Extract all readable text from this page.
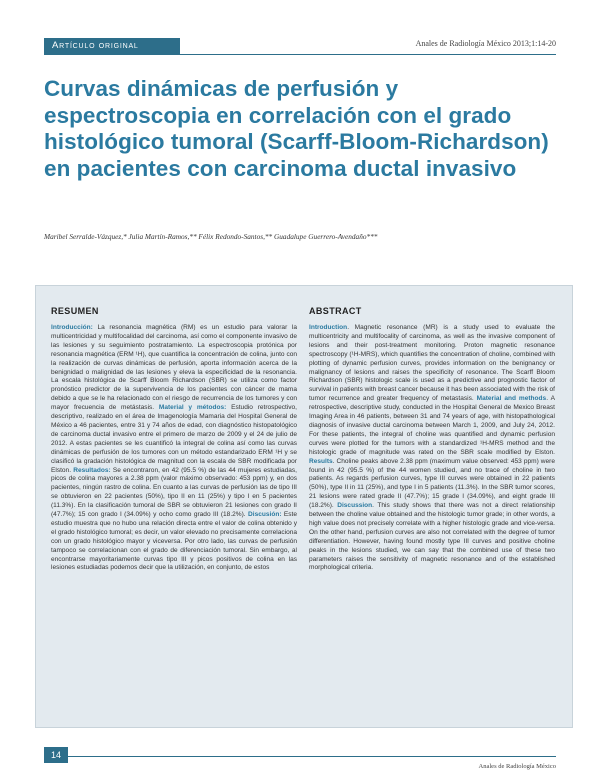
Artículo original	Anales de Radiología México 2013;1:14-20
Curvas dinámicas de perfusión y espectroscopia en correlación con el grado histológico tumoral (Scarff-Bloom-Richardson) en pacientes con carcinoma ductal invasivo
Maribel Serralde-Vázquez,* Julia Martín-Ramos,** Félix Redondo-Santos,** Guadalupe Guerrero-Avendaño***
RESUMEN

Introducción: La resonancia magnética (RM) es un estudio para valorar la multicentricidad y multifocalidad del carcinoma, así como el componente invasivo de las lesiones y su seguimiento postratamiento. La espectroscopia protónica por resonancia magnética (ERM ¹H), que cuantifica la concentración de colina, junto con la realización de curvas dinámicas de perfusión, aporta información acerca de la benignidad o malignidad de las lesiones y eleva la especificidad de la resonancia. La escala histológica de Scarff Bloom Richardson (SBR) se utiliza como factor pronóstico predictor de la supervivencia de los pacientes con cáncer de mama debido a que se le ha relacionado con el riesgo de recurrencia de los tumores y con mayor frecuencia de metástasis. Material y métodos: Estudio retrospectivo, descriptivo, realizado en el área de Imagenología Mamaria del Hospital General de México a 46 pacientes, entre 31 y 74 años de edad, con diagnóstico histopatológico de carcinoma ductal invasivo entre el primero de marzo de 2009 y el 24 de julio de 2012. A estas pacientes se les cuantificó la integral de colina así como las curvas dinámicas de perfusión de los tumores con un método estandarizado ERM ¹H y se clasificó la gradación histológica de magnitud con la escala de SBR modificada por Elston. Resultados: Se encontraron, en 42 (95.5 %) de las 44 mujeres estudiadas, picos de colina mayores a 2.38 ppm (valor máximo observado: 453 ppm) y, en dos pacientes, ningún rastro de colina. En cuanto a las curvas de perfusión las de tipo III se obtuvieron en 22 pacientes (50%), tipo II en 11 (25%) y tipo I en 5 pacientes (11.3%). En la clasificación tumoral de SBR se obtuvieron 21 lesiones con grado II (47.7%); 15 con grado I (34.09%) y ocho como grado III (18.2%). Discusión: Este estudio muestra que no hubo una relación directa entre el valor de colina obtenido y el grado histológico tumoral; es decir, un valor elevado no precisamente correlaciona con un grado histológico mayor y viceversa. Por otro lado, las curvas de perfusión tampoco se correlacionan con el grado de diferenciación tumoral. Sin embargo, al encontrarse mayoritariamente curvas tipo III y picos positivos de colina en las lesiones estudiadas podemos decir que la utilización, en conjunto, de estos

ABSTRACT

Introduction. Magnetic resonance (MR) is a study used to evaluate the multicentricity and multifocality of carcinoma, as well as the invasive component of lesions and their post-treatment monitoring. Proton magnetic resonance spectroscopy (¹H-MRS), which quantifies the concentration of choline, combined with plotting of dynamic perfusion curves, provides information on the benignancy or malignancy of lesions and raises the specificity of resonance. The Scarff Bloom Richardson (SBR) histologic scale is used as a predictive and prognostic factor of survival in patients with breast cancer because it has been associated with the risk of tumor recurrence and greater frequency of metastasis. Material and methods. A retrospective, descriptive study, conducted in the Hospital General de Mexico Breast Imaging Area in 46 patients, between 31 and 74 years of age, with histopathological diagnosis of invasive ductal carcinoma between March 1, 2009, and July 24, 2012. For these patients, the integral of choline was quantified and dynamic perfusion curves were plotted for the tumors with a standardized ¹H-MRS method and the histologic grade of magnitude was rated on the SBR scale modified by Elston. Results. Choline peaks above 2.38 ppm (maximum value observed: 453 ppm) were found in 42 (95.5 %) of the 44 women studied, and no trace of choline in two patients. As regards perfusion curves, type III curves were obtained in 22 patients (50%), type II in 11 (25%), and type I in 5 patients (11.3%). In the SBR tumor scores, 21 lesions were rated grade II (47.7%); 15 grade I (34.09%), and eight grade III (18.2%). Discussion. This study shows that there was not a direct relationship between the choline value obtained and the histologic tumor grade; in other words, a high value does not precisely correlate with a higher histologic grade and vice-versa. On the other hand, perfusion curves are also not correlated with the degree of tumor differentiation. However, having found mostly type III curves and positive choline peaks in the lesions studied, we can say that the combined use of these two parameters raises the sensitivity of magnetic resonance and of the established morphological criteria.

14
Anales de Radiología México
